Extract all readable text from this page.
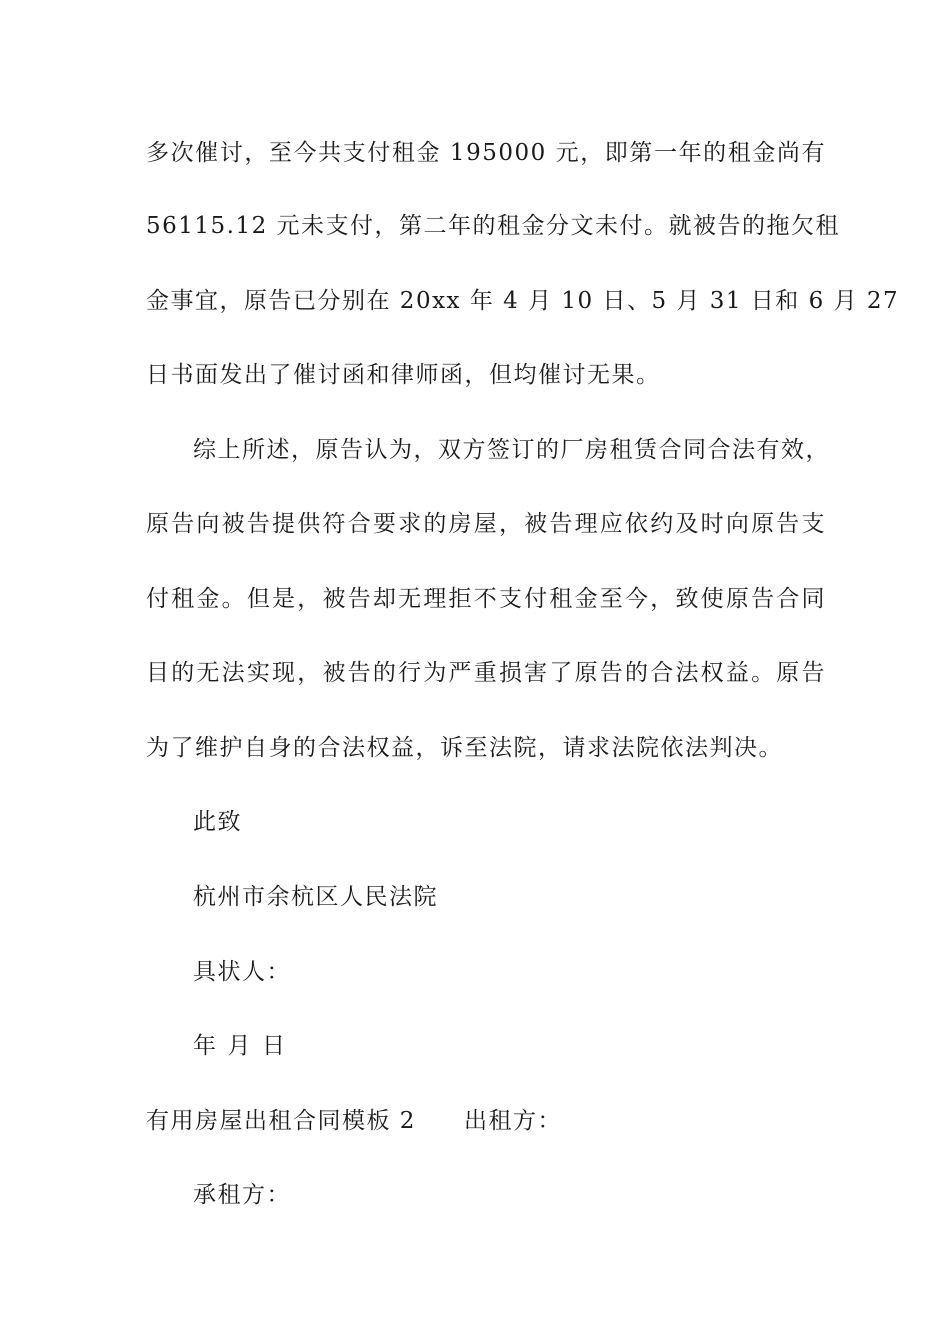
多次催讨，至今共支付租金 195000 元，即第一年的租金尚有
56115.12 元未支付，第二年的租金分文未付。就被告的拖欠租
金事宜，原告已分别在 20xx 年 4 月 10 日、5 月 31 日和 6 月 27
日书面发出了催讨函和律师函，但均催讨无果。
综上所述，原告认为，双方签订的厂房租赁合同合法有效，
原告向被告提供符合要求的房屋，被告理应依约及时向原告支
付租金。但是，被告却无理拒不支付租金至今，致使原告合同
目的无法实现，被告的行为严重损害了原告的合法权益。原告
为了维护自身的合法权益，诉至法院，请求法院依法判决。
此致
杭州市余杭区人民法院
具状人：
年 月 日
有用房屋出租合同模板 2 出租方：
承租方：
